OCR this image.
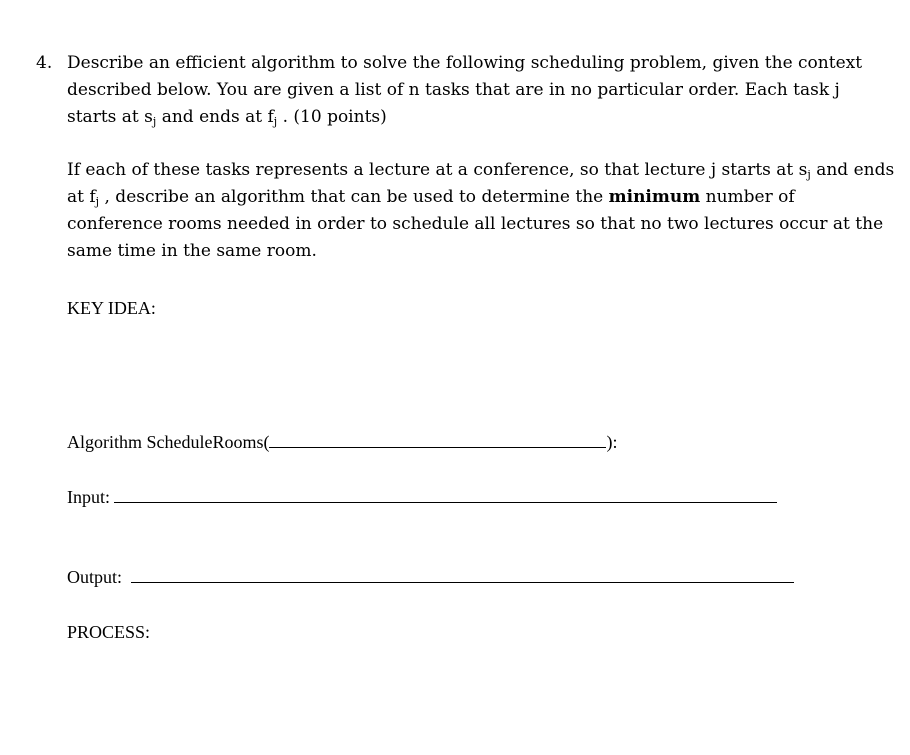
4. Describe an efficient algorithm to solve the following scheduling problem, given the context
described below. You are given a list of n tasks that are in no particular order. Each task j
starts at $s_j$ and ends at $f_j$ . (10 points)
If each of these tasks represents a lecture at a conference, so that lecture j starts at $s_j$ and ends
at $f_j$ , describe an algorithm that can be used to determine the minimum number of
conference rooms needed in order to schedule all lectures so that no two lectures occur at the
same time in the same room.
KEY IDEA:
Algorithm ScheduleRooms(	):
Input:
Output:
PROCESS:
